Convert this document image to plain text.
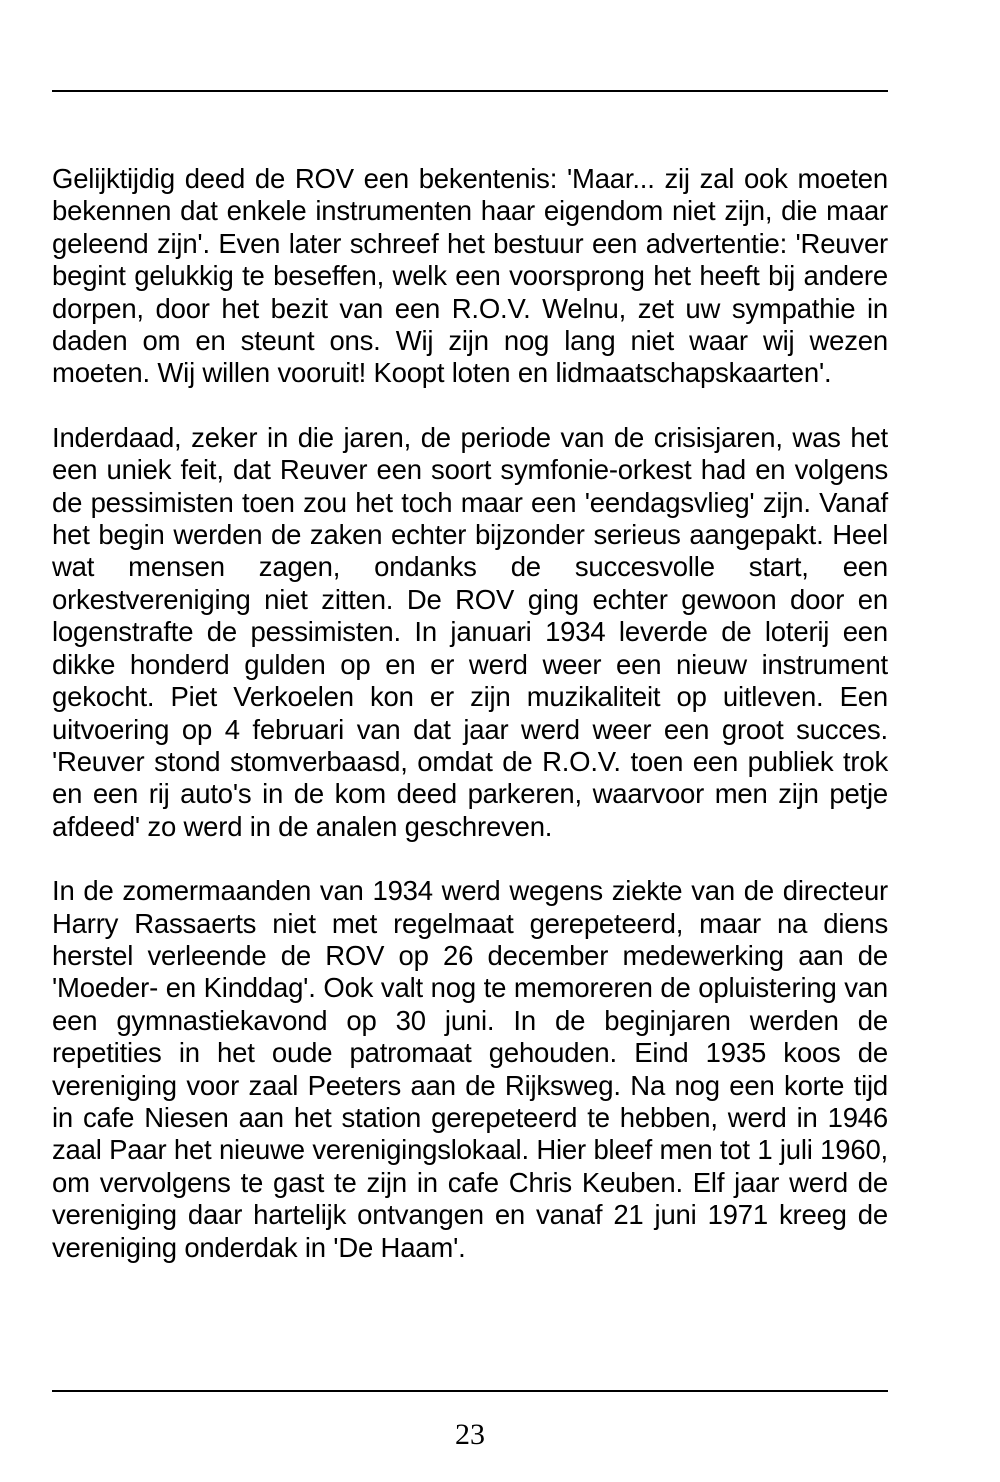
Gelijktijdig deed de ROV een bekentenis: 'Maar... zij zal ook moeten bekennen dat enkele instrumenten haar eigendom niet zijn, die maar geleend zijn'. Even later schreef het bestuur een advertentie: 'Reuver begint gelukkig te beseffen, welk een voorsprong het heeft bij andere dorpen, door het bezit van een R.O.V. Welnu, zet uw sympathie in daden om en steunt ons. Wij zijn nog lang niet waar wij wezen moeten. Wij willen vooruit! Koopt loten en lidmaatschapskaarten'.

Inderdaad, zeker in die jaren, de periode van de crisisjaren, was het een uniek feit, dat Reuver een soort symfonie-orkest had en volgens de pessimisten toen zou het toch maar een 'eendagsvlieg' zijn. Vanaf het begin werden de zaken echter bijzonder serieus aangepakt. Heel wat mensen zagen, ondanks de succesvolle start, een orkestvereniging niet zitten. De ROV ging echter gewoon door en logenstrafte de pessimisten. In januari 1934 leverde de loterij een dikke honderd gulden op en er werd weer een nieuw instrument gekocht. Piet Verkoelen kon er zijn muzikaliteit op uitleven. Een uitvoering op 4 februari van dat jaar werd weer een groot succes. 'Reuver stond stomverbaasd, omdat de R.O.V. toen een publiek trok en een rij auto's in de kom deed parkeren, waarvoor men zijn petje afdeed' zo werd in de analen geschreven.

In de zomermaanden van 1934 werd wegens ziekte van de directeur Harry Rassaerts niet met regelmaat gerepeteerd, maar na diens herstel verleende de ROV op 26 december medewerking aan de 'Moeder- en Kinddag'. Ook valt nog te memoreren de opluistering van een gymnastiekavond op 30 juni. In de beginjaren werden de repetities in het oude patromaat gehouden. Eind 1935 koos de vereniging voor zaal Peeters aan de Rijksweg. Na nog een korte tijd in cafe Niesen aan het station gerepeteerd te hebben, werd in 1946 zaal Paar het nieuwe verenigingslokaal. Hier bleef men tot 1 juli 1960, om vervolgens te gast te zijn in cafe Chris Keuben. Elf jaar werd de vereniging daar hartelijk ontvangen en vanaf 21 juni 1971 kreeg de vereniging onderdak in 'De Haam'.

23
